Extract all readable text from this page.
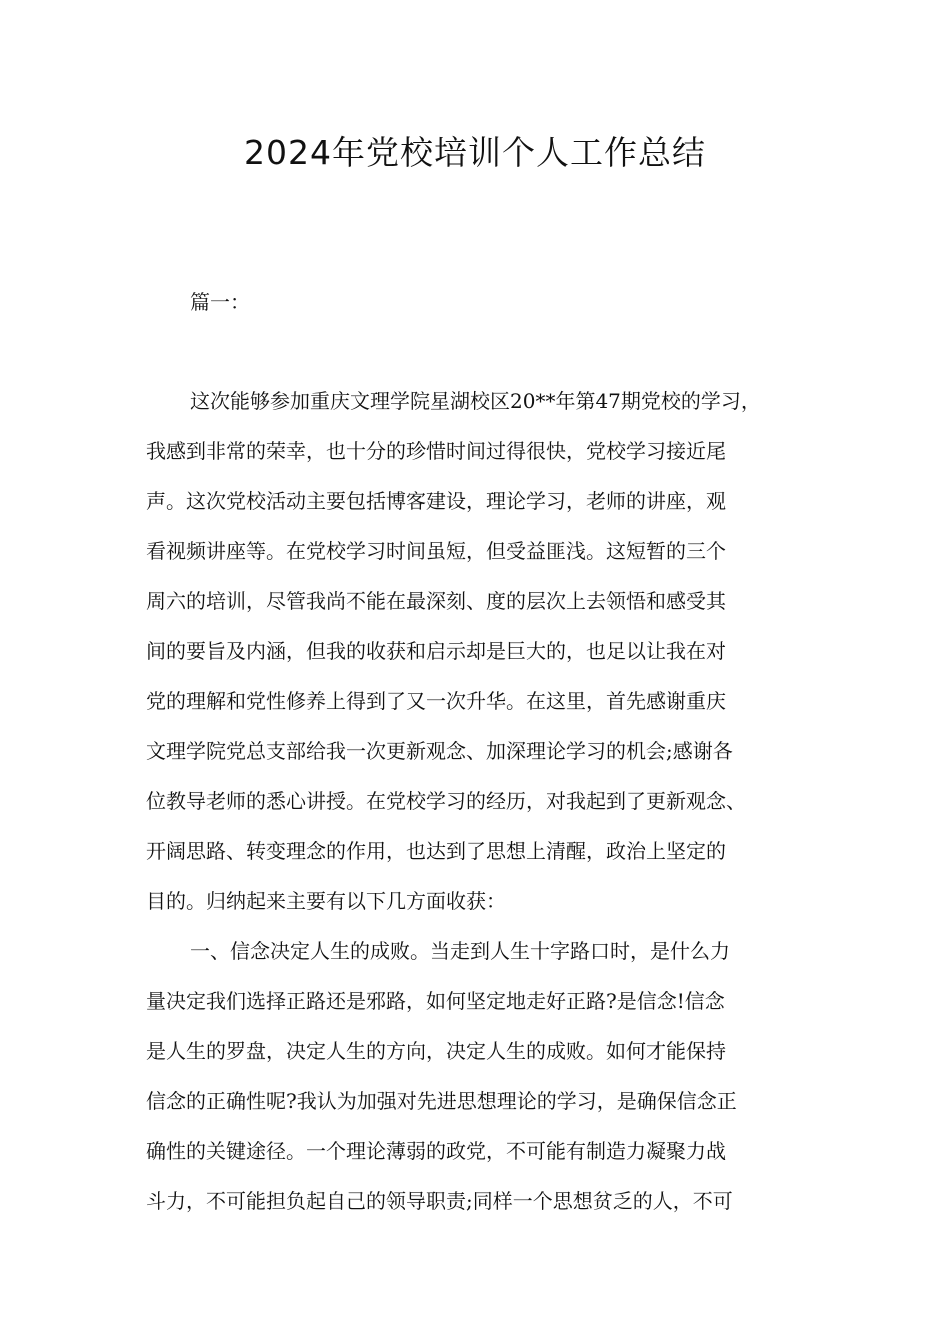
2024年党校培训个人工作总结

篇一：

这次能够参加重庆文理学院星湖校区20**年第47期党校的学习，

我感到非常的荣幸，也十分的珍惜时间过得很快，党校学习接近尾

声。这次党校活动主要包括博客建设，理论学习，老师的讲座，观

看视频讲座等。在党校学习时间虽短，但受益匪浅。这短暂的三个

周六的培训，尽管我尚不能在最深刻、度的层次上去领悟和感受其

间的要旨及内涵，但我的收获和启示却是巨大的，也足以让我在对

党的理解和党性修养上得到了又一次升华。在这里，首先感谢重庆

文理学院党总支部给我一次更新观念、加深理论学习的机会;感谢各

位教导老师的悉心讲授。在党校学习的经历，对我起到了更新观念、

开阔思路、转变理念的作用，也达到了思想上清醒，政治上坚定的

目的。归纳起来主要有以下几方面收获：

一、信念决定人生的成败。当走到人生十字路口时，是什么力

量决定我们选择正路还是邪路，如何坚定地走好正路?是信念!信念

是人生的罗盘，决定人生的方向，决定人生的成败。如何才能保持

信念的正确性呢?我认为加强对先进思想理论的学习，是确保信念正

确性的关键途径。一个理论薄弱的政党，不可能有制造力凝聚力战

斗力，不可能担负起自己的领导职责;同样一个思想贫乏的人，不可
